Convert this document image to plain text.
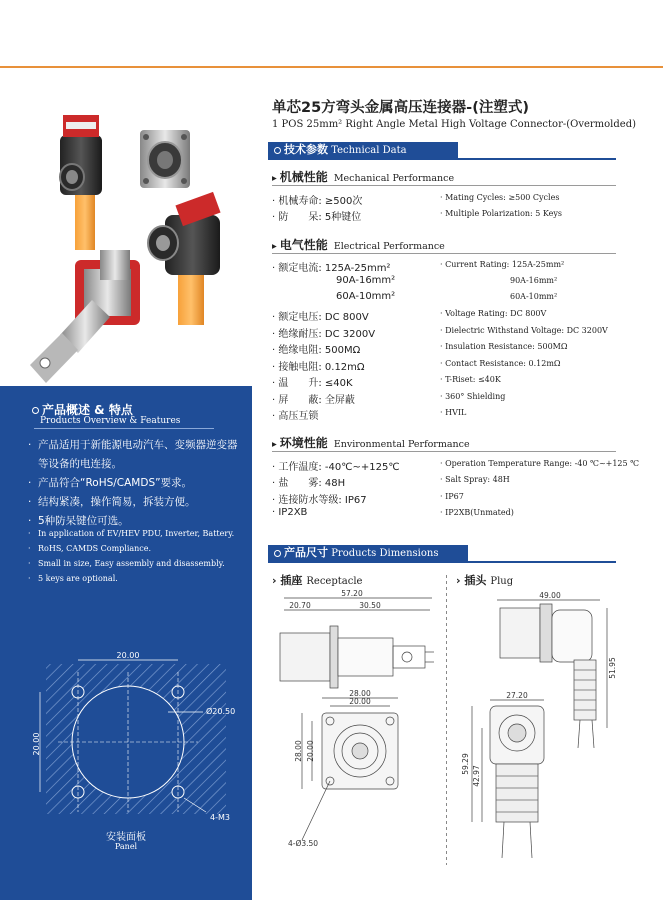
单芯25方弯头金属高压连接器-(注塑式)
1 POS 25mm² Right Angle Metal High Voltage Connector-(Overmolded)
技术参数 Technical Data
▸ 机械性能 Mechanical Performance
· 机械寿命: ≥500次	· Mating Cycles: ≥500 Cycles
· 防　　呆: 5种键位	· Multiple Polarization: 5 Keys
▸ 电气性能 Electrical Performance
· 额定电流: 125A-25mm²	· Current Rating: 125A-25mm²
90A-16mm²	90A-16mm²
60A-10mm²	60A-10mm²
· 额定电压: DC 800V	· Voltage Rating: DC 800V
· 绝缘耐压: DC 3200V	· Dielectric Withstand Voltage: DC 3200V
· 绝缘电阻: 500MΩ	· Insulation Resistance: 500MΩ
· 接触电阻: 0.12mΩ	· Contact Resistance: 0.12mΩ
· 温　　升: ≤40K	· T-Riset: ≤40K
· 屏　　蔽: 全屏蔽	· 360° Shielding
· 高压互锁	· HVIL
▸ 环境性能 Environmental Performance
· 工作温度: -40℃~+125℃	· Operation Temperature Range: -40 ℃~+125 ℃
· 盐　　雾: 48H	· Salt Spray: 48H
· 连接防水等级: IP67	· IP67
· IP2XB	· IP2XB(Unmated)
产品概述 & 特点
Products Overview & Features
· 产品适用于新能源电动汽车、变频器逆变器等设备的电连接。
· 产品符合“RoHS/CAMDS”要求。
· 结构紧凑，操作简易，拆装方便。
· 5种防呆键位可选。
· In application of EV/HEV PDU, Inverter, Battery.
· RoHS, CAMDS Compliance.
· Small in size, Easy assembly and disassembly.
· 5 keys are optional.
20.00
20.00
Ø20.50
4-M3
安装面板
Panel
产品尺寸 Products Dimensions
› 插座 Receptacle	› 插头 Plug
57.20
20.70	30.50
28.00
20.00
28.00 20.00
4-Ø3.50
49.00
51.95
27.20
59.29
42.97
